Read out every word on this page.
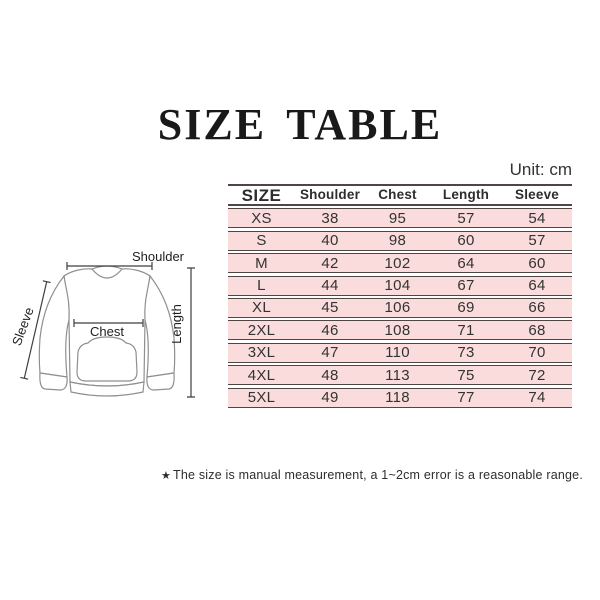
SIZE TABLE
Unit: cm
Shoulder
Chest	Length
Sleeve
SIZE	Shoulder	Chest	Length	Sleeve
XS	38	95	57	54
S	40	98	60	57
M	42	102	64	60
L	44	104	67	64
XL	45	106	69	66
2XL	46	108	71	68
3XL	47	110	73	70
4XL	48	113	75	72
5XL	49	118	77	74
★ The size is manual measurement, a 1~2cm error is a reasonable range.
